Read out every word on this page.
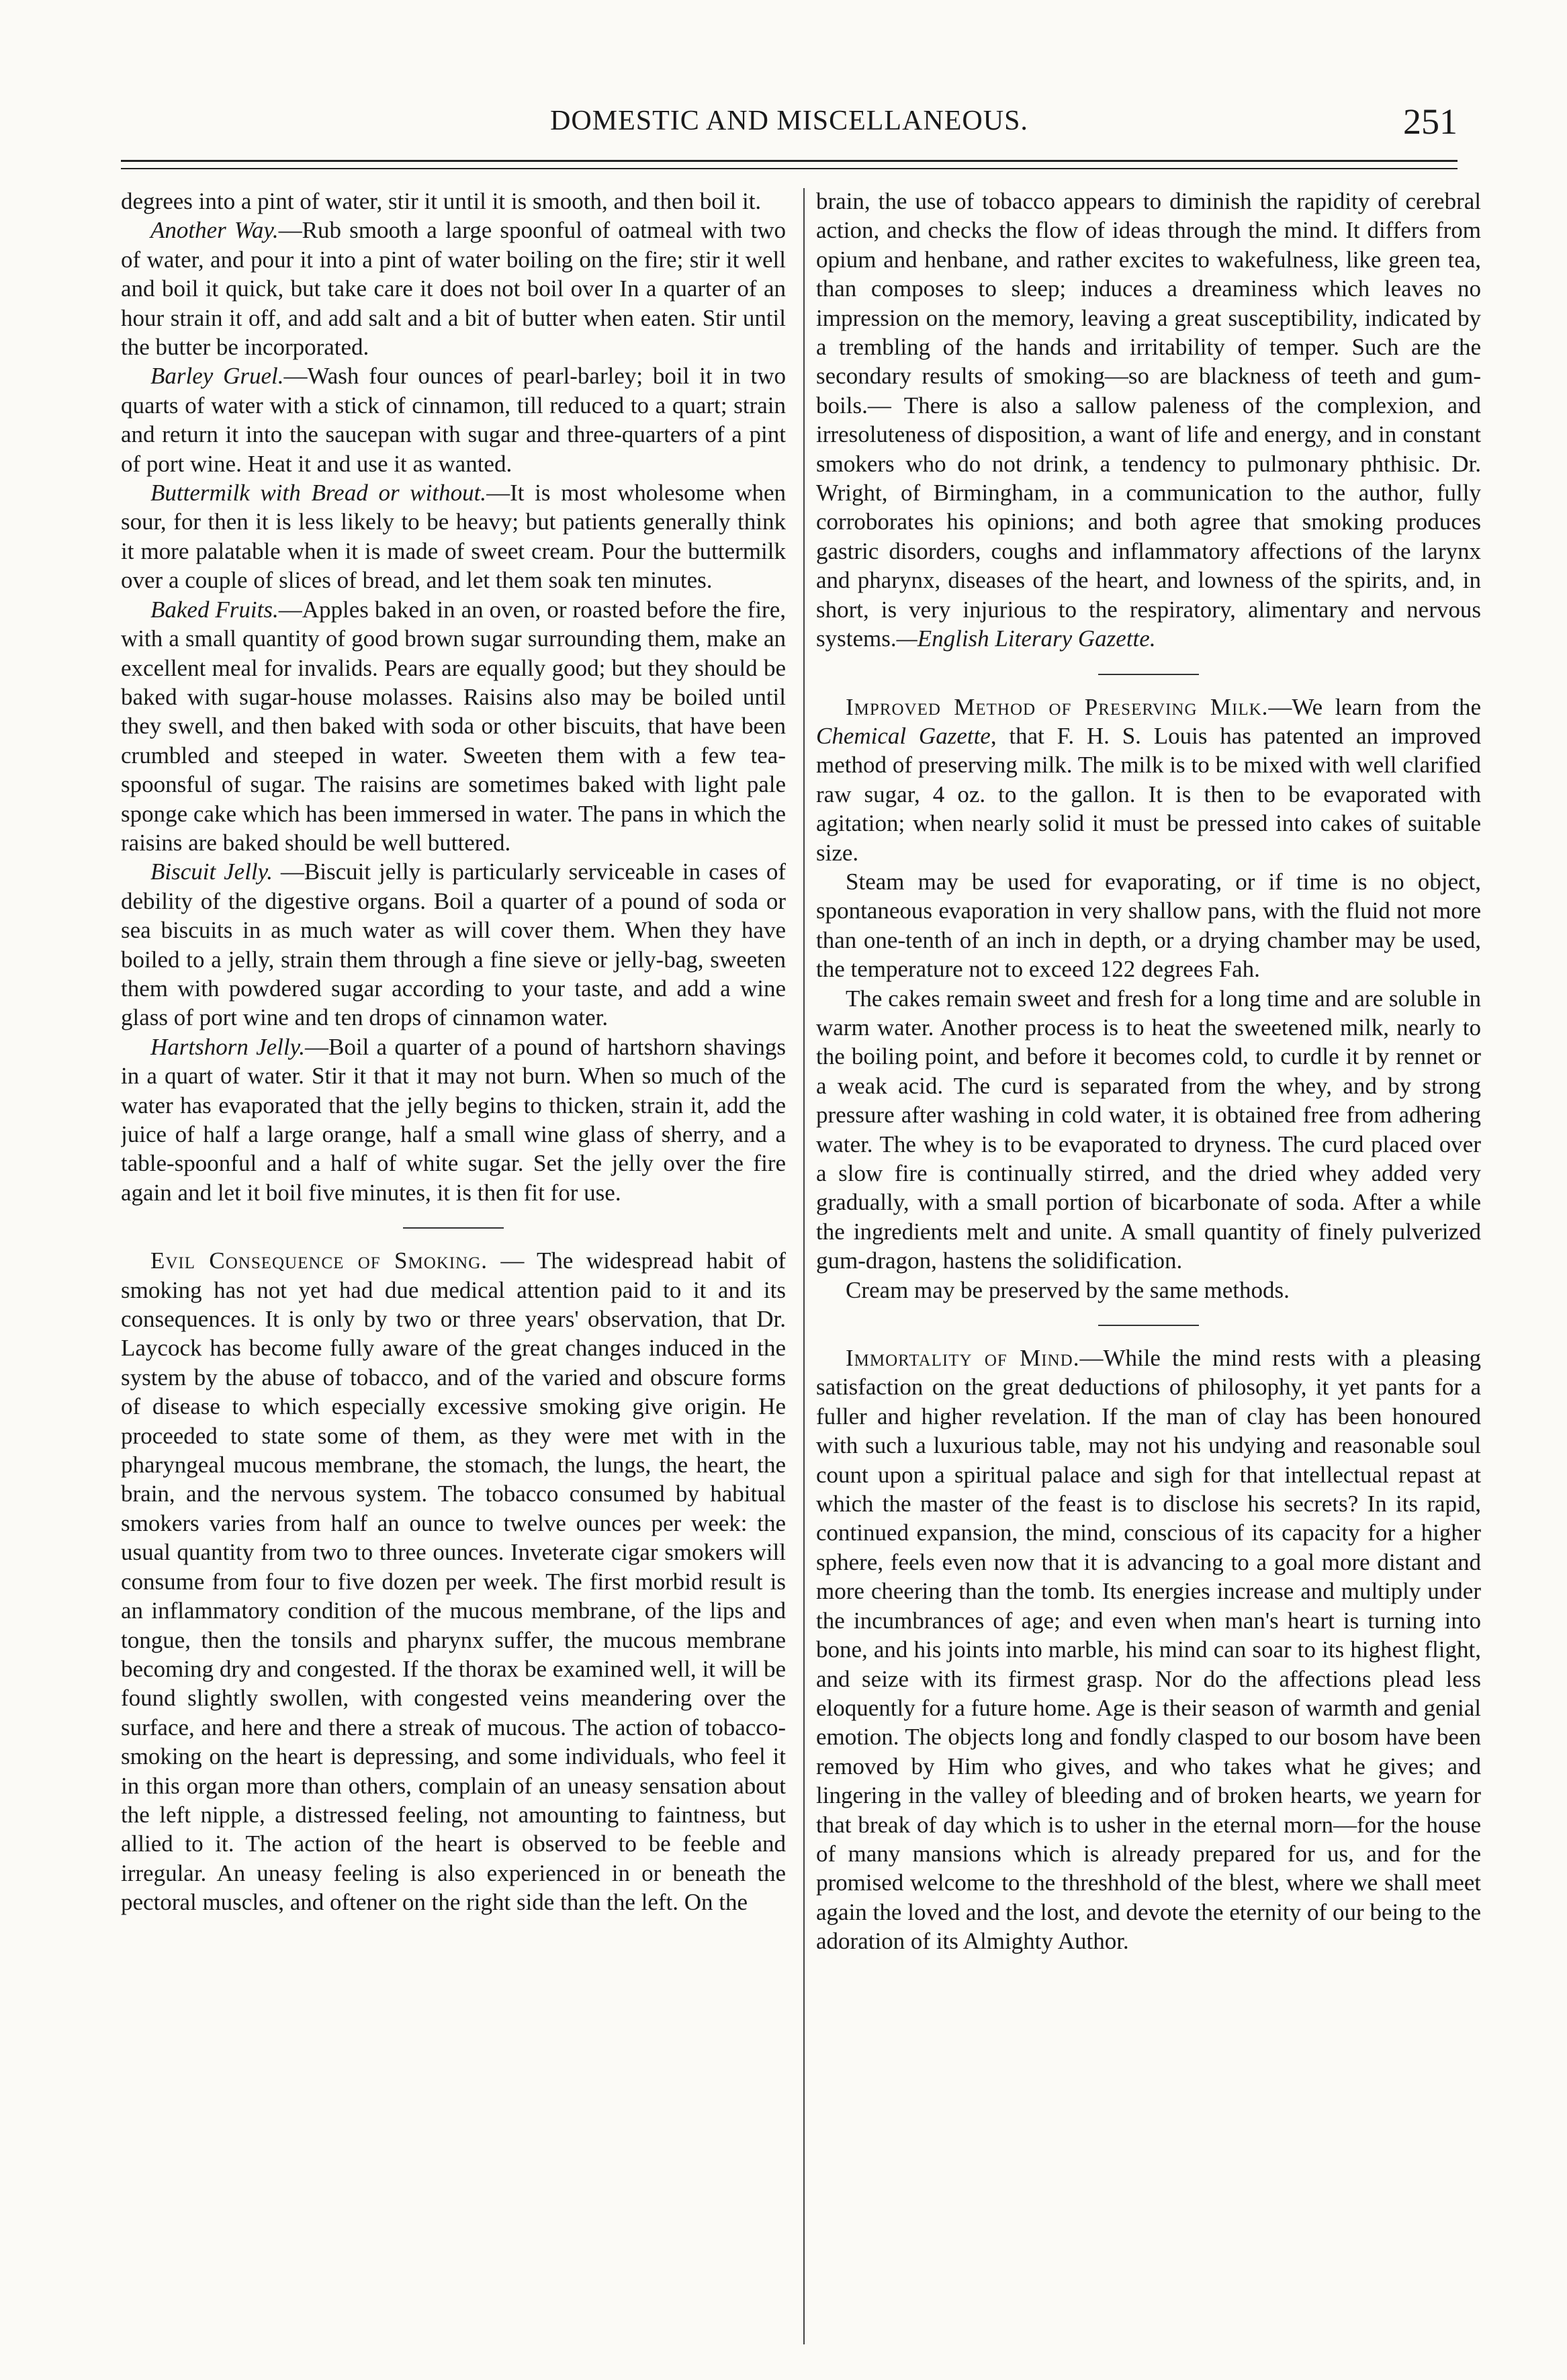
DOMESTIC AND MISCELLANEOUS.	251

degrees into a pint of water, stir it until it is smooth, and then boil it.

Another Way.—Rub smooth a large spoonful of oatmeal with two of water, and pour it into a pint of water boiling on the fire; stir it well and boil it quick, but take care it does not boil over In a quarter of an hour strain it off, and add salt and a bit of butter when eaten. Stir until the butter be incorporated.

Barley Gruel.—Wash four ounces of pearl-barley; boil it in two quarts of water with a stick of cinnamon, till reduced to a quart; strain and return it into the saucepan with sugar and three-quarters of a pint of port wine. Heat it and use it as wanted.

Buttermilk with Bread or without.—It is most wholesome when sour, for then it is less likely to be heavy; but patients generally think it more palatable when it is made of sweet cream. Pour the buttermilk over a couple of slices of bread, and let them soak ten minutes.

Baked Fruits.—Apples baked in an oven, or roasted before the fire, with a small quantity of good brown sugar surrounding them, make an excellent meal for invalids. Pears are equally good; but they should be baked with sugar-house molasses. Raisins also may be boiled until they swell, and then baked with soda or other biscuits, that have been crumbled and steeped in water. Sweeten them with a few tea-spoonsful of sugar. The raisins are sometimes baked with light pale sponge cake which has been immersed in water. The pans in which the raisins are baked should be well buttered.

Biscuit Jelly. —Biscuit jelly is particularly serviceable in cases of debility of the digestive organs. Boil a quarter of a pound of soda or sea biscuits in as much water as will cover them. When they have boiled to a jelly, strain them through a fine sieve or jelly-bag, sweeten them with powdered sugar according to your taste, and add a wine glass of port wine and ten drops of cinnamon water.

Hartshorn Jelly.—Boil a quarter of a pound of hartshorn shavings in a quart of water. Stir it that it may not burn. When so much of the water has evaporated that the jelly begins to thicken, strain it, add the juice of half a large orange, half a small wine glass of sherry, and a table-spoonful and a half of white sugar. Set the jelly over the fire again and let it boil five minutes, it is then fit for use.

Evil Consequence of Smoking. — The widespread habit of smoking has not yet had due medical attention paid to it and its consequences. It is only by two or three years' observation, that Dr. Laycock has become fully aware of the great changes induced in the system by the abuse of tobacco, and of the varied and obscure forms of disease to which especially excessive smoking give origin. He proceeded to state some of them, as they were met with in the pharyngeal mucous membrane, the stomach, the lungs, the heart, the brain, and the nervous system. The tobacco consumed by habitual smokers varies from half an ounce to twelve ounces per week: the usual quantity from two to three ounces. Inveterate cigar smokers will consume from four to five dozen per week. The first morbid result is an inflammatory condition of the mucous membrane, of the lips and tongue, then the tonsils and pharynx suffer, the mucous membrane becoming dry and congested. If the thorax be examined well, it will be found slightly swollen, with congested veins meandering over the surface, and here and there a streak of mucous. The action of tobacco-smoking on the heart is depressing, and some individuals, who feel it in this organ more than others, complain of an uneasy sensation about the left nipple, a distressed feeling, not amounting to faintness, but allied to it. The action of the heart is observed to be feeble and irregular. An uneasy feeling is also experienced in or beneath the pectoral muscles, and oftener on the right side than the left. On the

brain, the use of tobacco appears to diminish the rapidity of cerebral action, and checks the flow of ideas through the mind. It differs from opium and henbane, and rather excites to wakefulness, like green tea, than composes to sleep; induces a dreaminess which leaves no impression on the memory, leaving a great susceptibility, indicated by a trembling of the hands and irritability of temper. Such are the secondary results of smoking—so are blackness of teeth and gum-boils.— There is also a sallow paleness of the complexion, and irresoluteness of disposition, a want of life and energy, and in constant smokers who do not drink, a tendency to pulmonary phthisic. Dr. Wright, of Birmingham, in a communication to the author, fully corroborates his opinions; and both agree that smoking produces gastric disorders, coughs and inflammatory affections of the larynx and pharynx, diseases of the heart, and lowness of the spirits, and, in short, is very injurious to the respiratory, alimentary and nervous systems.—English Literary Gazette.

Improved Method of Preserving Milk.—We learn from the Chemical Gazette, that F. H. S. Louis has patented an improved method of preserving milk. The milk is to be mixed with well clarified raw sugar, 4 oz. to the gallon. It is then to be evaporated with agitation; when nearly solid it must be pressed into cakes of suitable size.

Steam may be used for evaporating, or if time is no object, spontaneous evaporation in very shallow pans, with the fluid not more than one-tenth of an inch in depth, or a drying chamber may be used, the temperature not to exceed 122 degrees Fah.

The cakes remain sweet and fresh for a long time and are soluble in warm water. Another process is to heat the sweetened milk, nearly to the boiling point, and before it becomes cold, to curdle it by rennet or a weak acid. The curd is separated from the whey, and by strong pressure after washing in cold water, it is obtained free from adhering water. The whey is to be evaporated to dryness. The curd placed over a slow fire is continually stirred, and the dried whey added very gradually, with a small portion of bicarbonate of soda. After a while the ingredients melt and unite. A small quantity of finely pulverized gum-dragon, hastens the solidification.

Cream may be preserved by the same methods.

Immortality of Mind.—While the mind rests with a pleasing satisfaction on the great deductions of philosophy, it yet pants for a fuller and higher revelation. If the man of clay has been honoured with such a luxurious table, may not his undying and reasonable soul count upon a spiritual palace and sigh for that intellectual repast at which the master of the feast is to disclose his secrets? In its rapid, continued expansion, the mind, conscious of its capacity for a higher sphere, feels even now that it is advancing to a goal more distant and more cheering than the tomb. Its energies increase and multiply under the incumbrances of age; and even when man's heart is turning into bone, and his joints into marble, his mind can soar to its highest flight, and seize with its firmest grasp. Nor do the affections plead less eloquently for a future home. Age is their season of warmth and genial emotion. The objects long and fondly clasped to our bosom have been removed by Him who gives, and who takes what he gives; and lingering in the valley of bleeding and of broken hearts, we yearn for that break of day which is to usher in the eternal morn—for the house of many mansions which is already prepared for us, and for the promised welcome to the threshhold of the blest, where we shall meet again the loved and the lost, and devote the eternity of our being to the adoration of its Almighty Author.
